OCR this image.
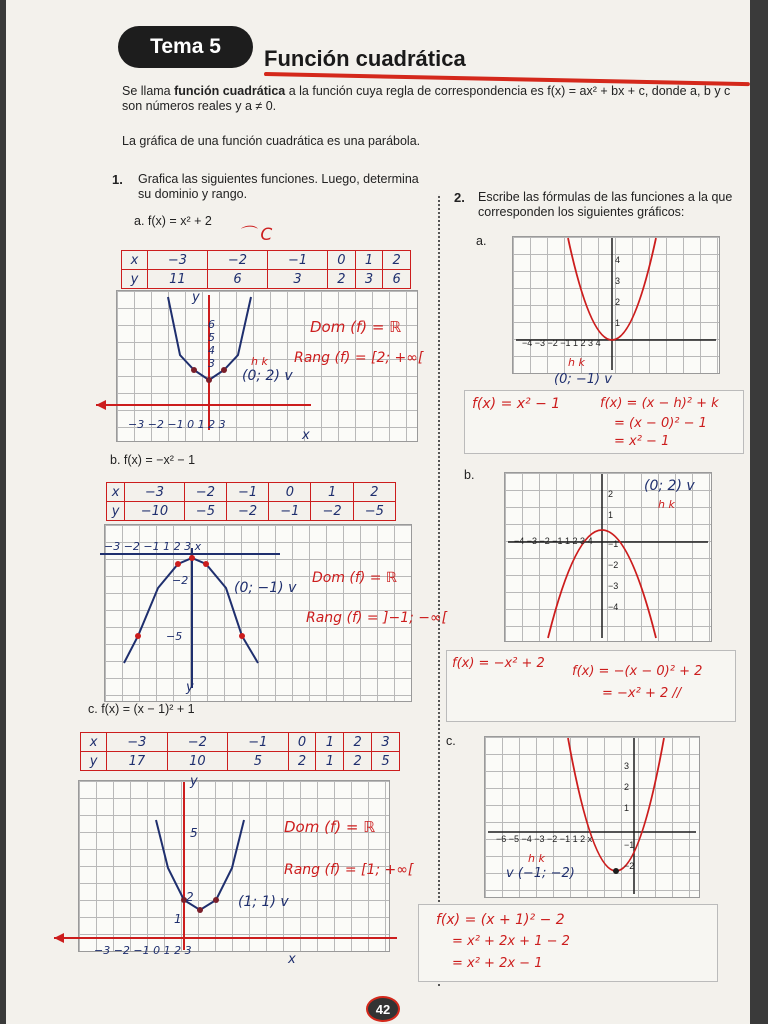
Tema 5	Función cuadrática
Se llama función cuadrática a la función cuya regla de correspondencia es f(x) = ax² + bx + c, donde a, b y c son números reales y a ≠ 0.
La gráfica de una función cuadrática es una parábola.
1. Grafica las siguientes funciones. Luego, determina su dominio y rango.
a. f(x) = x² + 2
⌒ C
x	−3	−2	−1	0	1	2
y	11	6	3	2	3	6
6
5
4
3
−3 −2 −1 0 1 2 3
x
y
h k
(0; 2) v
Dom (f) = ℝ
Rang (f) = [2; +∞[
b. f(x) = −x² − 1
x	−3	−2	−1	0	1	2
y	−10	−5	−2	−1	−2	−5
−3 −2 −1 1 2 3 x
−2
−5
y
(0; −1) v
Dom (f) = ℝ
Rang (f) = ]−1; −∞[
c. f(x) = (x − 1)² + 1
x	−3	−2	−1	0	1	2	3
y	17	10	5	2	1	2	5
5
2
1
−3 −2 −1 0 1 2 3
x
y
(1; 1) v
Dom (f) = ℝ
Rang (f) = [1; +∞[
2. Escribe las fórmulas de las funciones a la que corresponden los siguientes gráficos:
a.
4
3
2
1
−4 −3 −2 −1 1 2 3 4
h k
(0; −1) v
f(x) = x² − 1	f(x) = (x − h)² + k
= (x − 0)² − 1
= x² − 1
b.
2
1
−1
−2
−3
−4
−4 −3 −2 −1 1 2 3 4
(0; 2) v
h k
f(x) = −x² + 2
f(x) = −(x − 0)² + 2
= −x² + 2 //
c.
3
2
1
−1
−2
−6 −5 −4 −3 −2 −1 1 2 x
h k
v (−1; −2)
f(x) = (x + 1)² − 2
= x² + 2x + 1 − 2
= x² + 2x − 1
42
